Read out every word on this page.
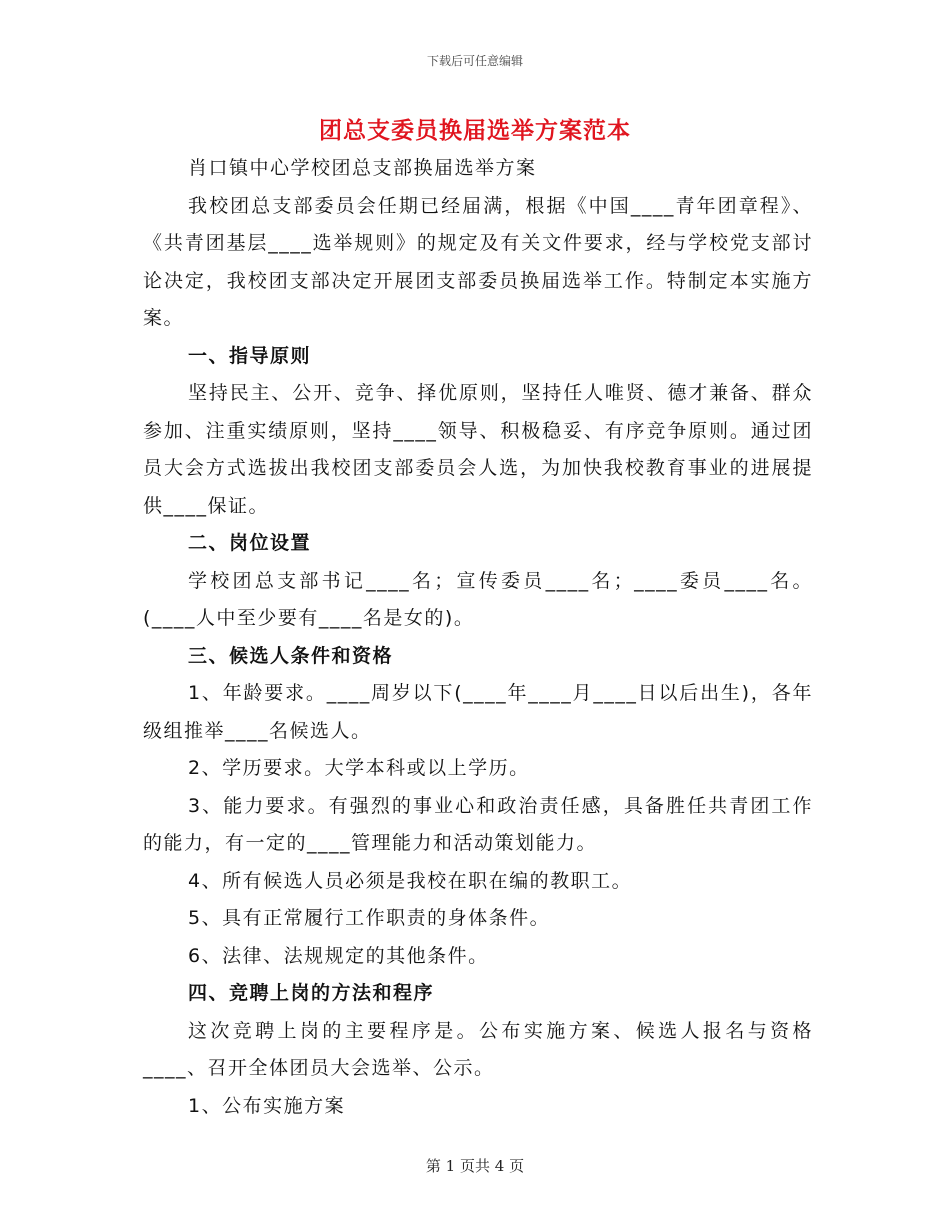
下载后可任意编辑
团总支委员换届选举方案范本

肖口镇中心学校团总支部换届选举方案

我校团总支部委员会任期已经届满，根据《中国____青年团章程》、《共青团基层____选举规则》的规定及有关文件要求，经与学校党支部讨论决定，我校团支部决定开展团支部委员换届选举工作。特制定本实施方案。

一、指导原则

坚持民主、公开、竞争、择优原则，坚持任人唯贤、德才兼备、群众参加、注重实绩原则，坚持____领导、积极稳妥、有序竞争原则。通过团员大会方式选拔出我校团支部委员会人选，为加快我校教育事业的进展提供____保证。

二、岗位设置

学校团总支部书记____名；宣传委员____名；____委员____名。(____人中至少要有____名是女的)。

三、候选人条件和资格

1、年龄要求。____周岁以下(____年____月____日以后出生)，各年级组推举____名候选人。

2、学历要求。大学本科或以上学历。

3、能力要求。有强烈的事业心和政治责任感，具备胜任共青团工作的能力，有一定的____管理能力和活动策划能力。

4、所有候选人员必须是我校在职在编的教职工。

5、具有正常履行工作职责的身体条件。

6、法律、法规规定的其他条件。

四、竞聘上岗的方法和程序

这次竞聘上岗的主要程序是。公布实施方案、候选人报名与资格____、召开全体团员大会选举、公示。

1、公布实施方案

第 1 页共 4 页
